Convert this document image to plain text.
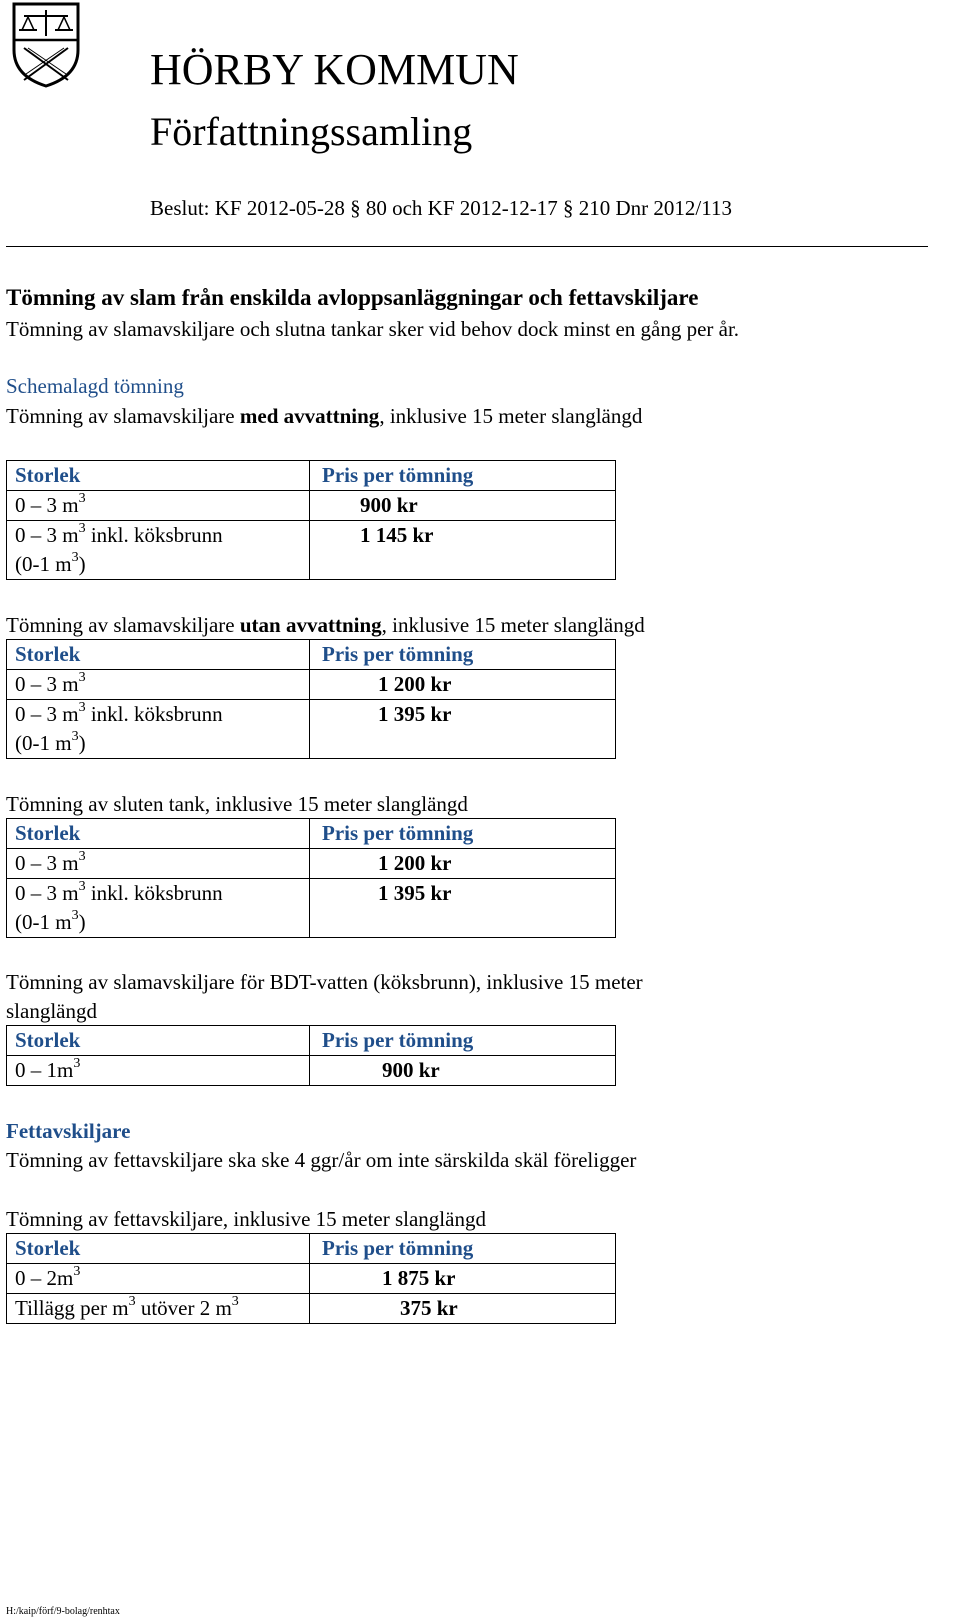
HÖRBY KOMMUN
Författningssamling
Beslut: KF 2012-05-28 § 80 och KF 2012-12-17 § 210 Dnr 2012/113
Tömning av slam från enskilda avloppsanläggningar och fettavskiljare
Tömning av slamavskiljare och slutna tankar sker vid behov dock minst en gång per år.
Schemalagd tömning
Tömning av slamavskiljare med avvattning, inklusive 15 meter slanglängd
Storlek	Pris per tömning
0 – 3 $m^3$	900 kr
0 – 3 $m^3$ inkl. köksbrunn
(0-1 $m^3$)	1 145 kr
Tömning av slamavskiljare utan avvattning, inklusive 15 meter slanglängd
Storlek	Pris per tömning
0 – 3 $m^3$	1 200 kr
0 – 3 $m^3$ inkl. köksbrunn
(0-1 $m^3$)	1 395 kr
Tömning av sluten tank, inklusive 15 meter slanglängd
Storlek	Pris per tömning
0 – 3 $m^3$	1 200 kr
0 – 3 $m^3$ inkl. köksbrunn
(0-1 $m^3$)	1 395 kr
Tömning av slamavskiljare för BDT-vatten (köksbrunn), inklusive 15 meter
slanglängd
Storlek	Pris per tömning
$0 - 1m^3$	900 kr
Fettavskiljare
Tömning av fettavskiljare ska ske 4 ggr/år om inte särskilda skäl föreligger
Tömning av fettavskiljare, inklusive 15 meter slanglängd
Storlek	Pris per tömning
$0 - 2m^3$	1 875 kr
Tillägg per $m^3$ utöver 2 $m^3$	375 kr
H:/kaip/förf/9-bolag/renhtax
